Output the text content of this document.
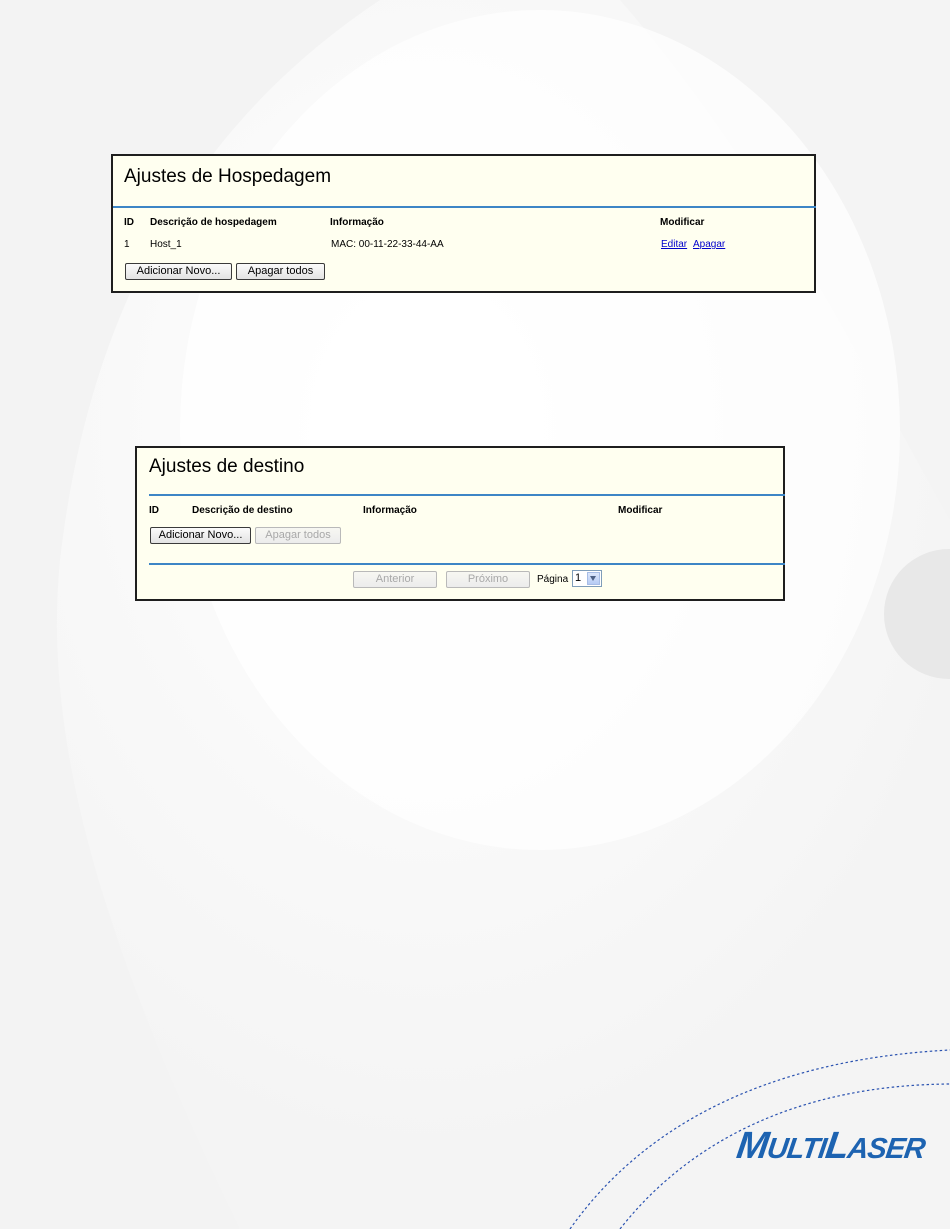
Ajustes de Hospedagem
ID Descrição de hospedagem	Informação	Modificar
1 Host_1	MAC: 00-11-22-33-44-AA	Editar Apagar
Adicionar Novo...	Apagar todos
Ajustes de destino
ID	Descrição de destino	Informação	Modificar
Adicionar Novo...	Apagar todos
Anterior	Próximo	Página 1
MULTILASER
